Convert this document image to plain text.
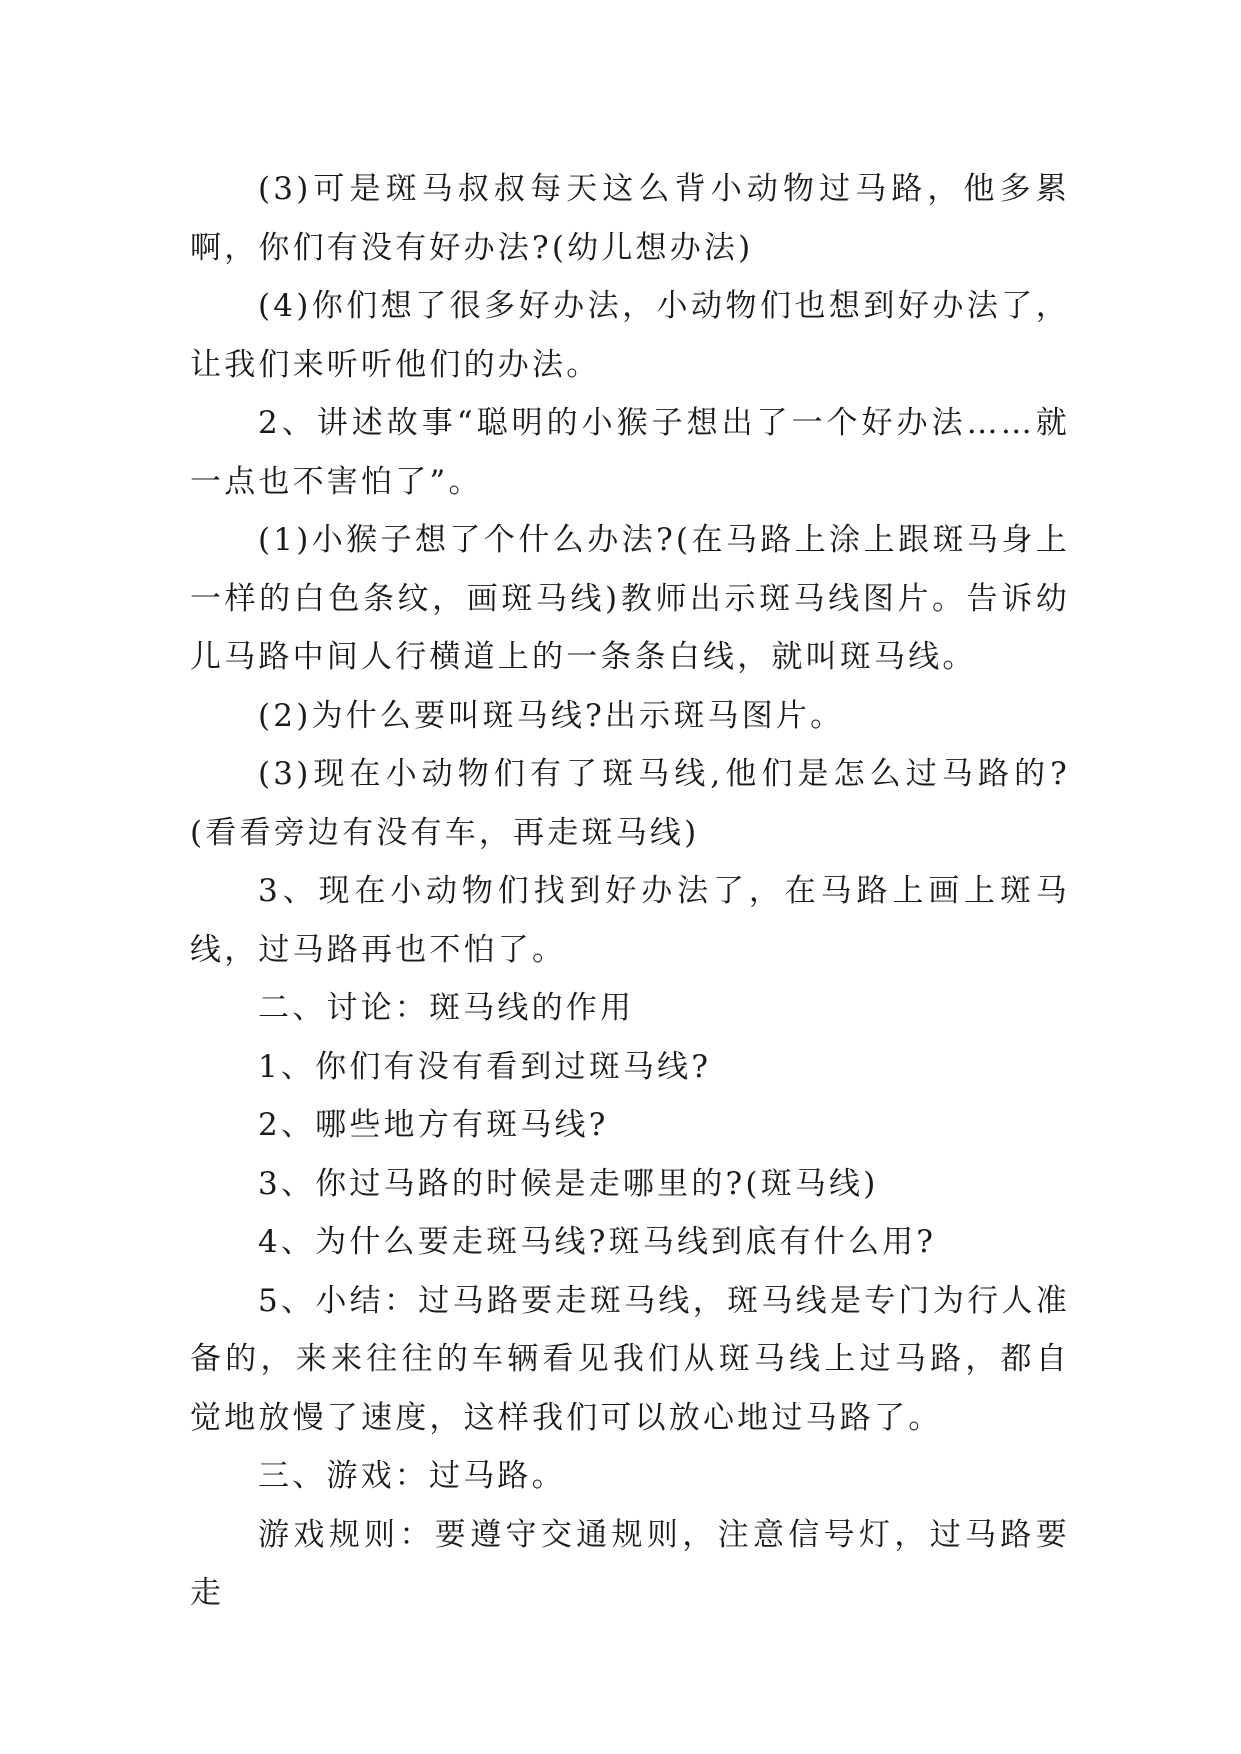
(3)可是斑马叔叔每天这么背小动物过马路，他多累啊，你们有没有好办法?(幼儿想办法)

(4)你们想了很多好办法，小动物们也想到好办法了，让我们来听听他们的办法。

2、讲述故事“聪明的小猴子想出了一个好办法……就一点也不害怕了”。

(1)小猴子想了个什么办法?(在马路上涂上跟斑马身上一样的白色条纹，画斑马线)教师出示斑马线图片。告诉幼儿马路中间人行横道上的一条条白线，就叫斑马线。

(2)为什么要叫斑马线?出示斑马图片。

(3)现在小动物们有了斑马线,他们是怎么过马路的?(看看旁边有没有车，再走斑马线)

3、现在小动物们找到好办法了，在马路上画上斑马线，过马路再也不怕了。

二、讨论：斑马线的作用

1、你们有没有看到过斑马线?

2、哪些地方有斑马线?

3、你过马路的时候是走哪里的?(斑马线)

4、为什么要走斑马线?斑马线到底有什么用?

5、小结：过马路要走斑马线，斑马线是专门为行人准备的，来来往往的车辆看见我们从斑马线上过马路，都自觉地放慢了速度，这样我们可以放心地过马路了。

三、游戏：过马路。

游戏规则：要遵守交通规则，注意信号灯，过马路要走
